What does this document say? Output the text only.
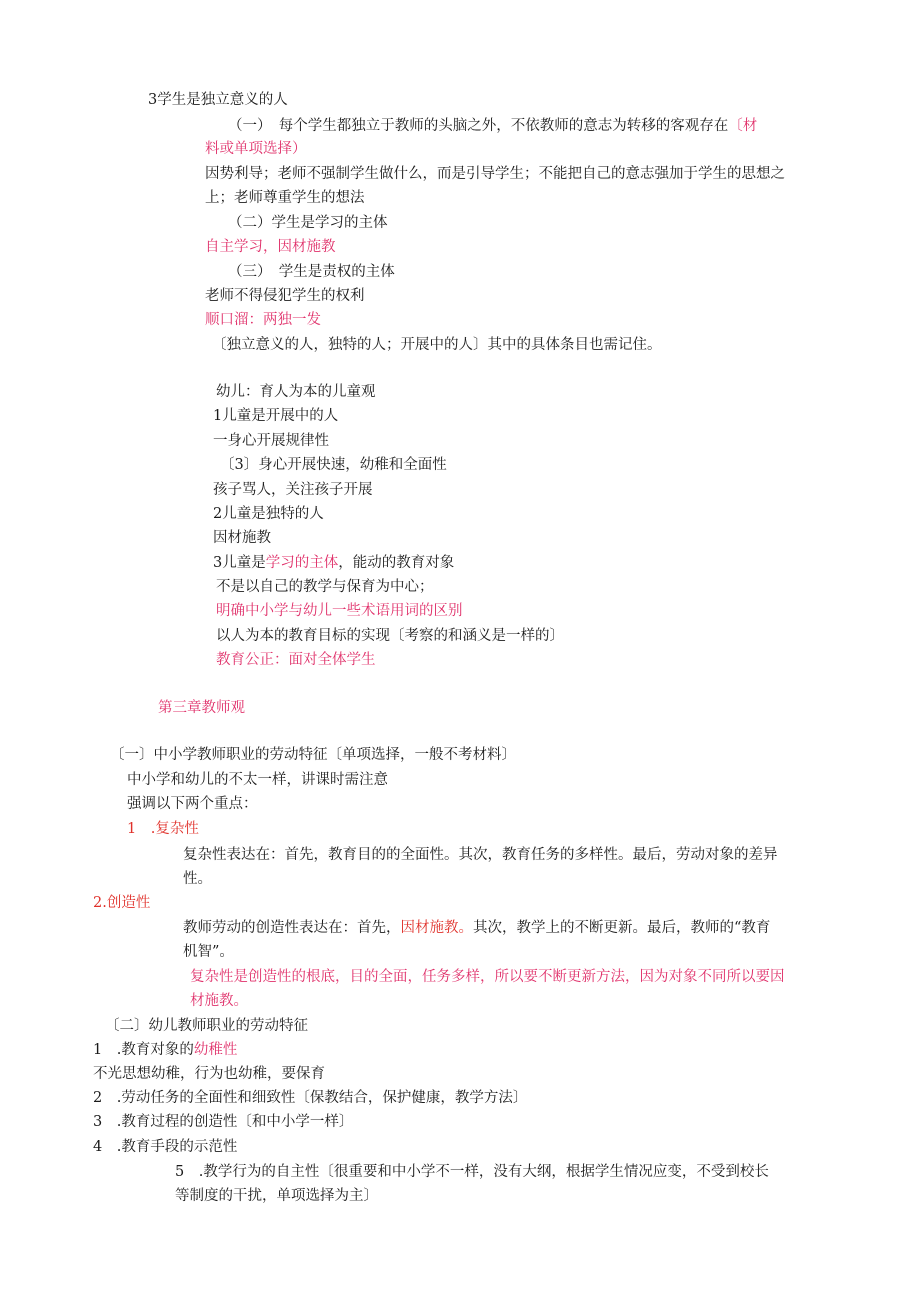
3学生是独立意义的人
（一）　每个学生都独立于教师的头脑之外，不依教师的意志为转移的客观存在〔材
料或单项选择）
因势利导；老师不强制学生做什么，而是引导学生；不能把自己的意志强加于学生的思想之
上；老师尊重学生的想法
（二）学生是学习的主体
自主学习，因材施教
（三）　学生是责权的主体
老师不得侵犯学生的权利
顺口溜：两独一发
〔独立意义的人，独特的人；开展中的人〕其中的具体条目也需记住。
幼儿：育人为本的儿童观
1儿童是开展中的人
一身心开展规律性
〔3〕身心开展快速，幼稚和全面性
孩子骂人，关注孩子开展
2儿童是独特的人
因材施教
3儿童是学习的主体，能动的教育对象
不是以自己的教学与保育为中心；
明确中小学与幼儿一些术语用词的区别
以人为本的教育目标的实现〔考察的和涵义是一样的〕
教育公正：面对全体学生
第三章教师观
〔一〕中小学教师职业的劳动特征〔单项选择，一般不考材料〕
中小学和幼儿的不太一样，讲课时需注意
强调以下两个重点：
1　.复杂性
复杂性表达在：首先，教育目的的全面性。其次，教育任务的多样性。最后，劳动对象的差异
性。
2.创造性
教师劳动的创造性表达在：首先，因材施教。其次，教学上的不断更新。最后，教师的“教育
机智”。
复杂性是创造性的根底，目的全面，任务多样，所以要不断更新方法，因为对象不同所以要因
材施教。
〔二〕幼儿教师职业的劳动特征
1　.教育对象的幼稚性
不光思想幼稚，行为也幼稚，要保育
2　.劳动任务的全面性和细致性〔保教结合，保护健康，教学方法〕
3　.教育过程的创造性〔和中小学一样〕
4　.教育手段的示范性
5　.教学行为的自主性〔很重要和中小学不一样，没有大纲，根据学生情况应变，不受到校长
等制度的干扰，单项选择为主〕
